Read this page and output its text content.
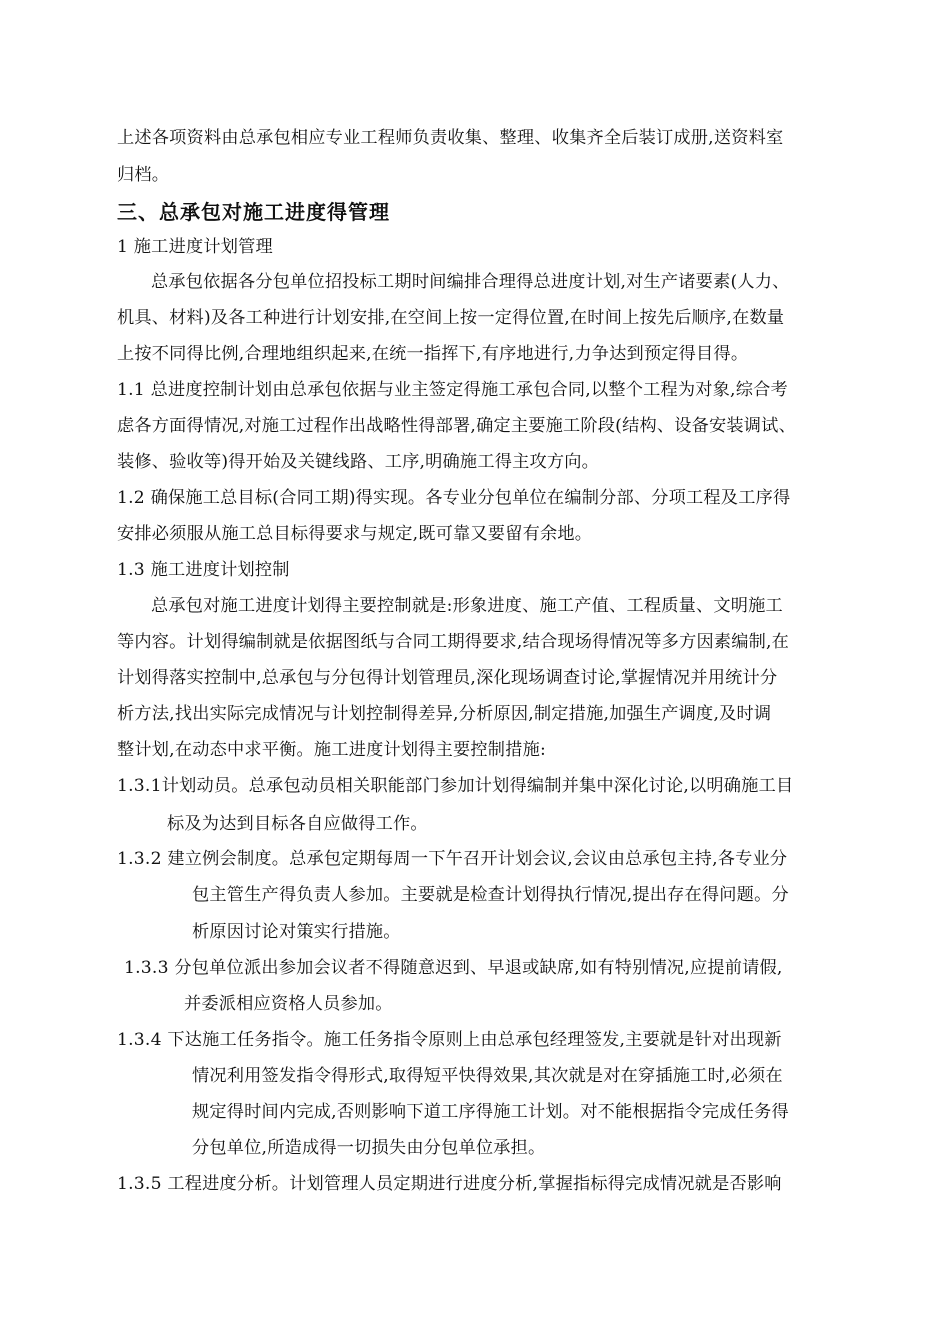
上述各项资料由总承包相应专业工程师负责收集、整理、收集齐全后装订成册,送资料室
归档。
三、总承包对施工进度得管理
1 施工进度计划管理
总承包依据各分包单位招投标工期时间编排合理得总进度计划,对生产诸要素(人力、
机具、材料)及各工种进行计划安排,在空间上按一定得位置,在时间上按先后顺序,在数量
上按不同得比例,合理地组织起来,在统一指挥下,有序地进行,力争达到预定得目得。
1.1 总进度控制计划由总承包依据与业主签定得施工承包合同,以整个工程为对象,综合考
虑各方面得情况,对施工过程作出战略性得部署,确定主要施工阶段(结构、设备安装调试、
装修、验收等)得开始及关键线路、工序,明确施工得主攻方向。
1.2 确保施工总目标(合同工期)得实现。各专业分包单位在编制分部、分项工程及工序得
安排必须服从施工总目标得要求与规定,既可靠又要留有余地。
1.3 施工进度计划控制
总承包对施工进度计划得主要控制就是:形象进度、施工产值、工程质量、文明施工
等内容。计划得编制就是依据图纸与合同工期得要求,结合现场得情况等多方因素编制,在
计划得落实控制中,总承包与分包得计划管理员,深化现场调查讨论,掌握情况并用统计分
析方法,找出实际完成情况与计划控制得差异,分析原因,制定措施,加强生产调度,及时调
整计划,在动态中求平衡。施工进度计划得主要控制措施:
1.3.1计划动员。总承包动员相关职能部门参加计划得编制并集中深化讨论,以明确施工目
标及为达到目标各自应做得工作。
1.3.2 建立例会制度。总承包定期每周一下午召开计划会议,会议由总承包主持,各专业分
包主管生产得负责人参加。主要就是检查计划得执行情况,提出存在得问题。分
析原因讨论对策实行措施。
1.3.3 分包单位派出参加会议者不得随意迟到、早退或缺席,如有特别情况,应提前请假,
并委派相应资格人员参加。
1.3.4 下达施工任务指令。施工任务指令原则上由总承包经理签发,主要就是针对出现新
情况利用签发指令得形式,取得短平快得效果,其次就是对在穿插施工时,必须在
规定得时间内完成,否则影响下道工序得施工计划。对不能根据指令完成任务得
分包单位,所造成得一切损失由分包单位承担。
1.3.5 工程进度分析。计划管理人员定期进行进度分析,掌握指标得完成情况就是否影响
